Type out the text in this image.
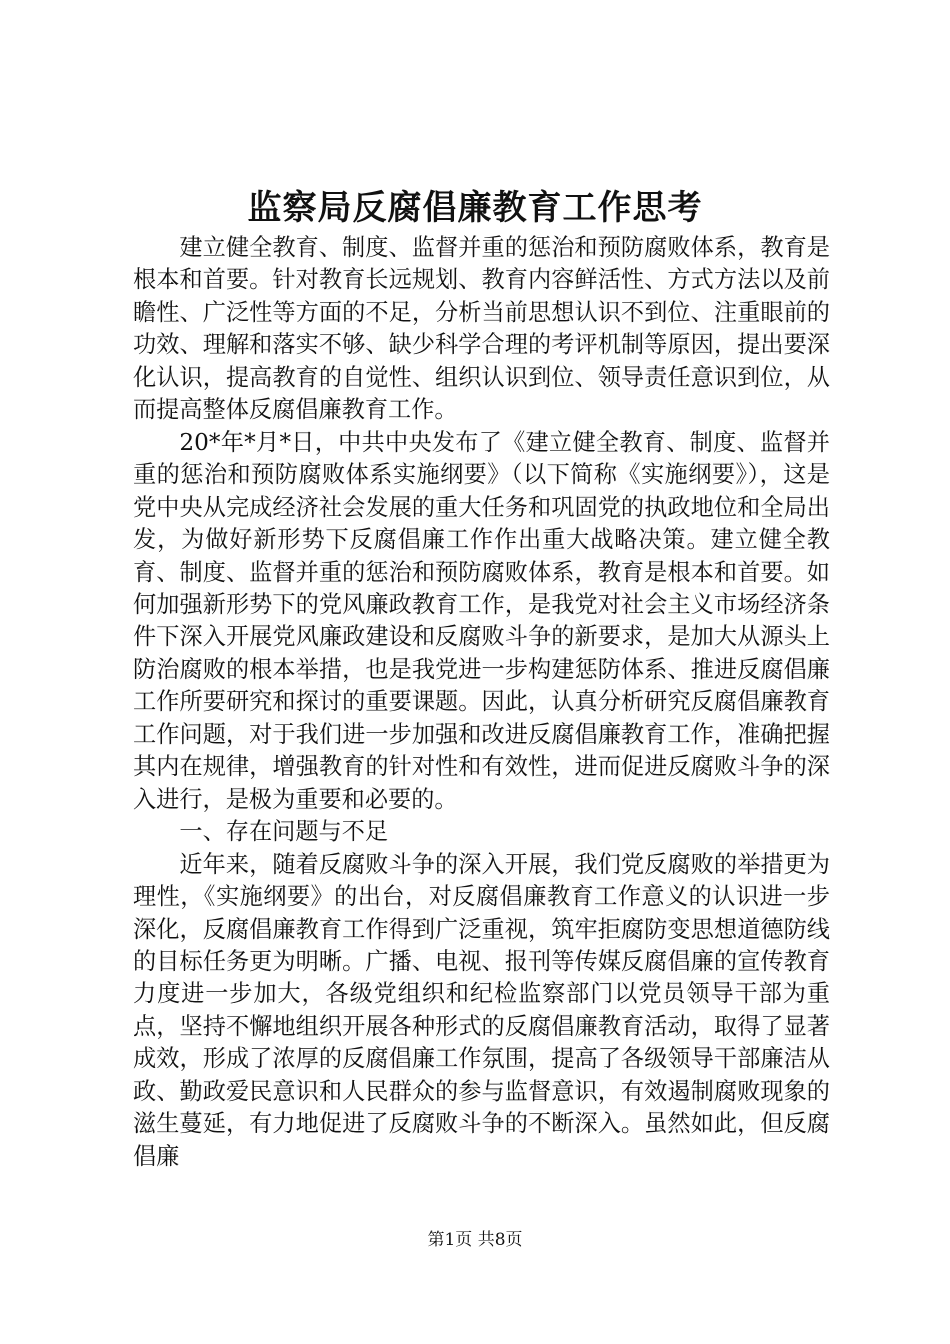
监察局反腐倡廉教育工作思考

建立健全教育、制度、监督并重的惩治和预防腐败体系，教育是根本和首要。针对教育长远规划、教育内容鲜活性、方式方法以及前瞻性、广泛性等方面的不足，分析当前思想认识不到位、注重眼前的功效、理解和落实不够、缺少科学合理的考评机制等原因，提出要深化认识，提高教育的自觉性、组织认识到位、领导责任意识到位，从而提高整体反腐倡廉教育工作。

20*年*月*日，中共中央发布了《建立健全教育、制度、监督并重的惩治和预防腐败体系实施纲要》（以下简称《实施纲要》），这是党中央从完成经济社会发展的重大任务和巩固党的执政地位和全局出发，为做好新形势下反腐倡廉工作作出重大战略决策。建立健全教育、制度、监督并重的惩治和预防腐败体系，教育是根本和首要。如何加强新形势下的党风廉政教育工作，是我党对社会主义市场经济条件下深入开展党风廉政建设和反腐败斗争的新要求，是加大从源头上防治腐败的根本举措，也是我党进一步构建惩防体系、推进反腐倡廉工作所要研究和探讨的重要课题。因此，认真分析研究反腐倡廉教育工作问题，对于我们进一步加强和改进反腐倡廉教育工作，准确把握其内在规律，增强教育的针对性和有效性，进而促进反腐败斗争的深入进行，是极为重要和必要的。

一、存在问题与不足

近年来，随着反腐败斗争的深入开展，我们党反腐败的举措更为理性，《实施纲要》的出台，对反腐倡廉教育工作意义的认识进一步深化，反腐倡廉教育工作得到广泛重视，筑牢拒腐防变思想道德防线的目标任务更为明晰。广播、电视、报刊等传媒反腐倡廉的宣传教育力度进一步加大，各级党组织和纪检监察部门以党员领导干部为重点，坚持不懈地组织开展各种形式的反腐倡廉教育活动，取得了显著成效，形成了浓厚的反腐倡廉工作氛围，提高了各级领导干部廉洁从政、勤政爱民意识和人民群众的参与监督意识，有效遏制腐败现象的滋生蔓延，有力地促进了反腐败斗争的不断深入。虽然如此，但反腐倡廉

第1页 共8页
